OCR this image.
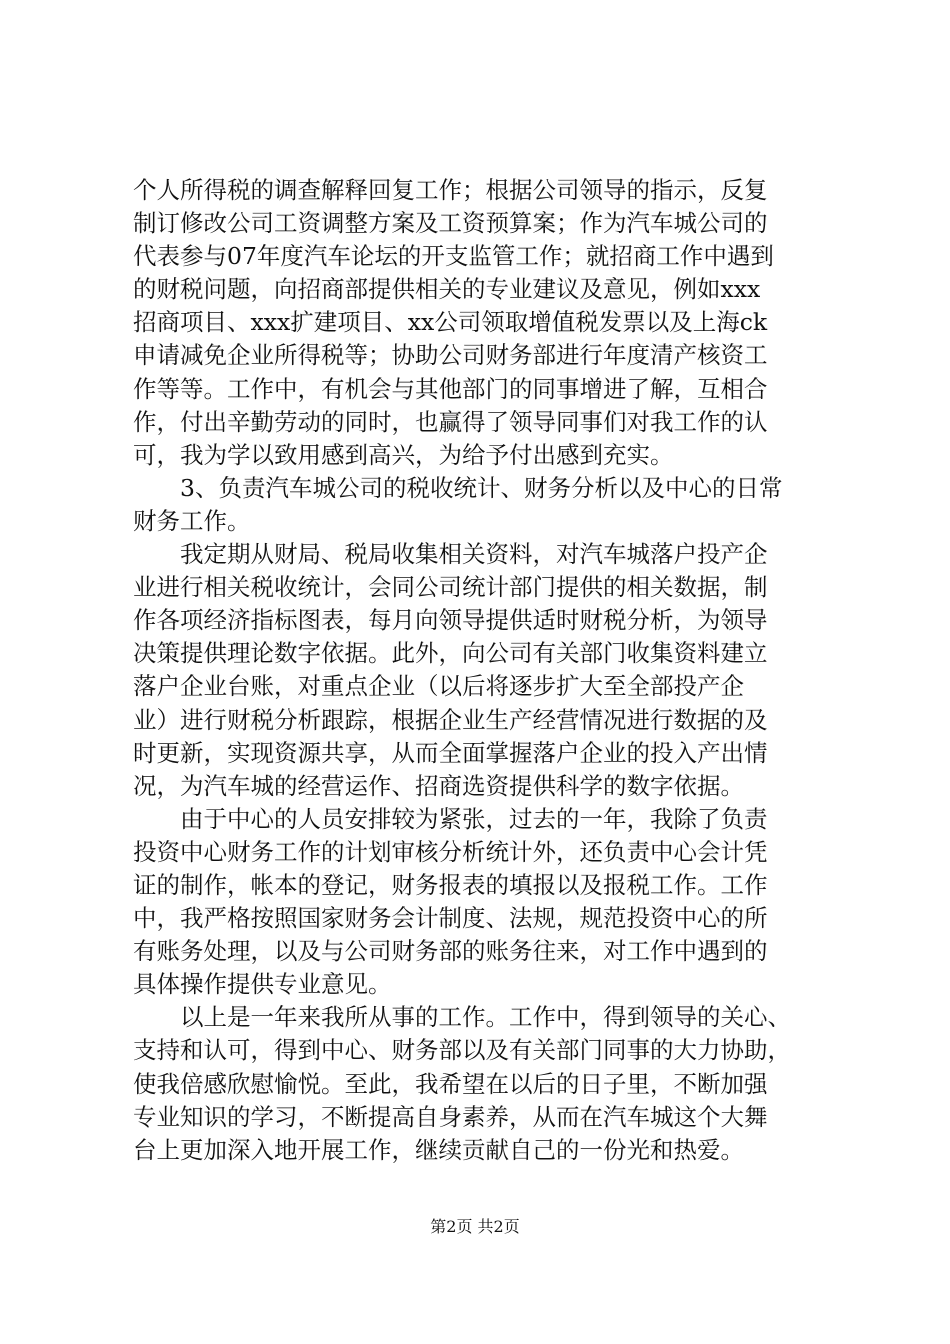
个人所得税的调查解释回复工作；根据公司领导的指示，反复
制订修改公司工资调整方案及工资预算案；作为汽车城公司的
代表参与07年度汽车论坛的开支监管工作；就招商工作中遇到
的财税问题，向招商部提供相关的专业建议及意见，例如xxx
招商项目、xxx扩建项目、xx公司领取增值税发票以及上海ck
申请减免企业所得税等；协助公司财务部进行年度清产核资工
作等等。工作中，有机会与其他部门的同事增进了解，互相合
作，付出辛勤劳动的同时，也赢得了领导同事们对我工作的认
可，我为学以致用感到高兴，为给予付出感到充实。
　　3、负责汽车城公司的税收统计、财务分析以及中心的日常
财务工作。
　　我定期从财局、税局收集相关资料，对汽车城落户投产企
业进行相关税收统计，会同公司统计部门提供的相关数据，制
作各项经济指标图表，每月向领导提供适时财税分析，为领导
决策提供理论数字依据。此外，向公司有关部门收集资料建立
落户企业台账，对重点企业（以后将逐步扩大至全部投产企
业）进行财税分析跟踪，根据企业生产经营情况进行数据的及
时更新，实现资源共享，从而全面掌握落户企业的投入产出情
况，为汽车城的经营运作、招商选资提供科学的数字依据。
　　由于中心的人员安排较为紧张，过去的一年，我除了负责
投资中心财务工作的计划审核分析统计外，还负责中心会计凭
证的制作，帐本的登记，财务报表的填报以及报税工作。工作
中，我严格按照国家财务会计制度、法规，规范投资中心的所
有账务处理，以及与公司财务部的账务往来，对工作中遇到的
具体操作提供专业意见。
　　以上是一年来我所从事的工作。工作中，得到领导的关心、
支持和认可，得到中心、财务部以及有关部门同事的大力协助，
使我倍感欣慰愉悦。至此，我希望在以后的日子里，不断加强
专业知识的学习，不断提高自身素养，从而在汽车城这个大舞
台上更加深入地开展工作，继续贡献自己的一份光和热爱。
第2页 共2页
